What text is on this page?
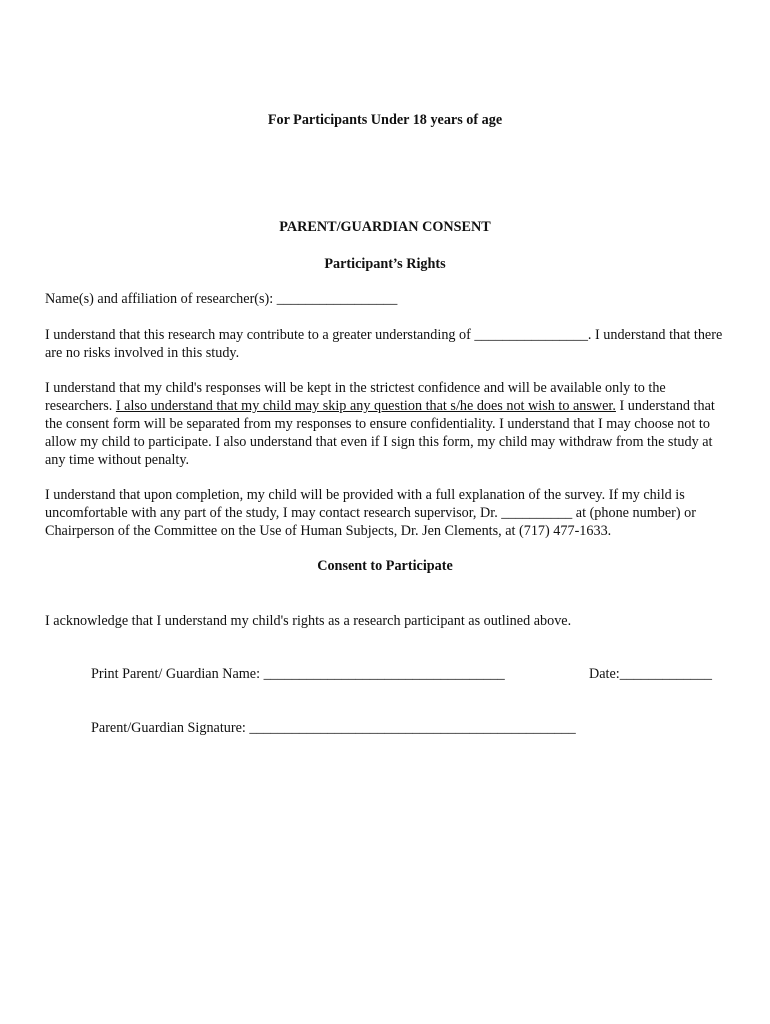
For Participants Under 18 years of age
PARENT/GUARDIAN CONSENT
Participant’s Rights
Name(s) and affiliation of researcher(s): _________________
I understand that this research may contribute to a greater understanding of ________________. I understand that there are no risks involved in this study.
I understand that my child's responses will be kept in the strictest confidence and will be available only to the researchers. I also understand that my child may skip any question that s/he does not wish to answer. I understand that the consent form will be separated from my responses to ensure confidentiality. I understand that I may choose not to allow my child to participate. I also understand that even if I sign this form, my child may withdraw from the study at any time without penalty.
I understand that upon completion, my child will be provided with a full explanation of the survey. If my child is uncomfortable with any part of the study, I may contact research supervisor, Dr. __________ at (phone number) or Chairperson of the Committee on the Use of Human Subjects, Dr. Jen Clements, at (717) 477-1633.
Consent to Participate
I acknowledge that I understand my child's rights as a research participant as outlined above.
Print Parent/ Guardian Name: __________________________________	Date:_____________
Parent/Guardian Signature: ______________________________________________
